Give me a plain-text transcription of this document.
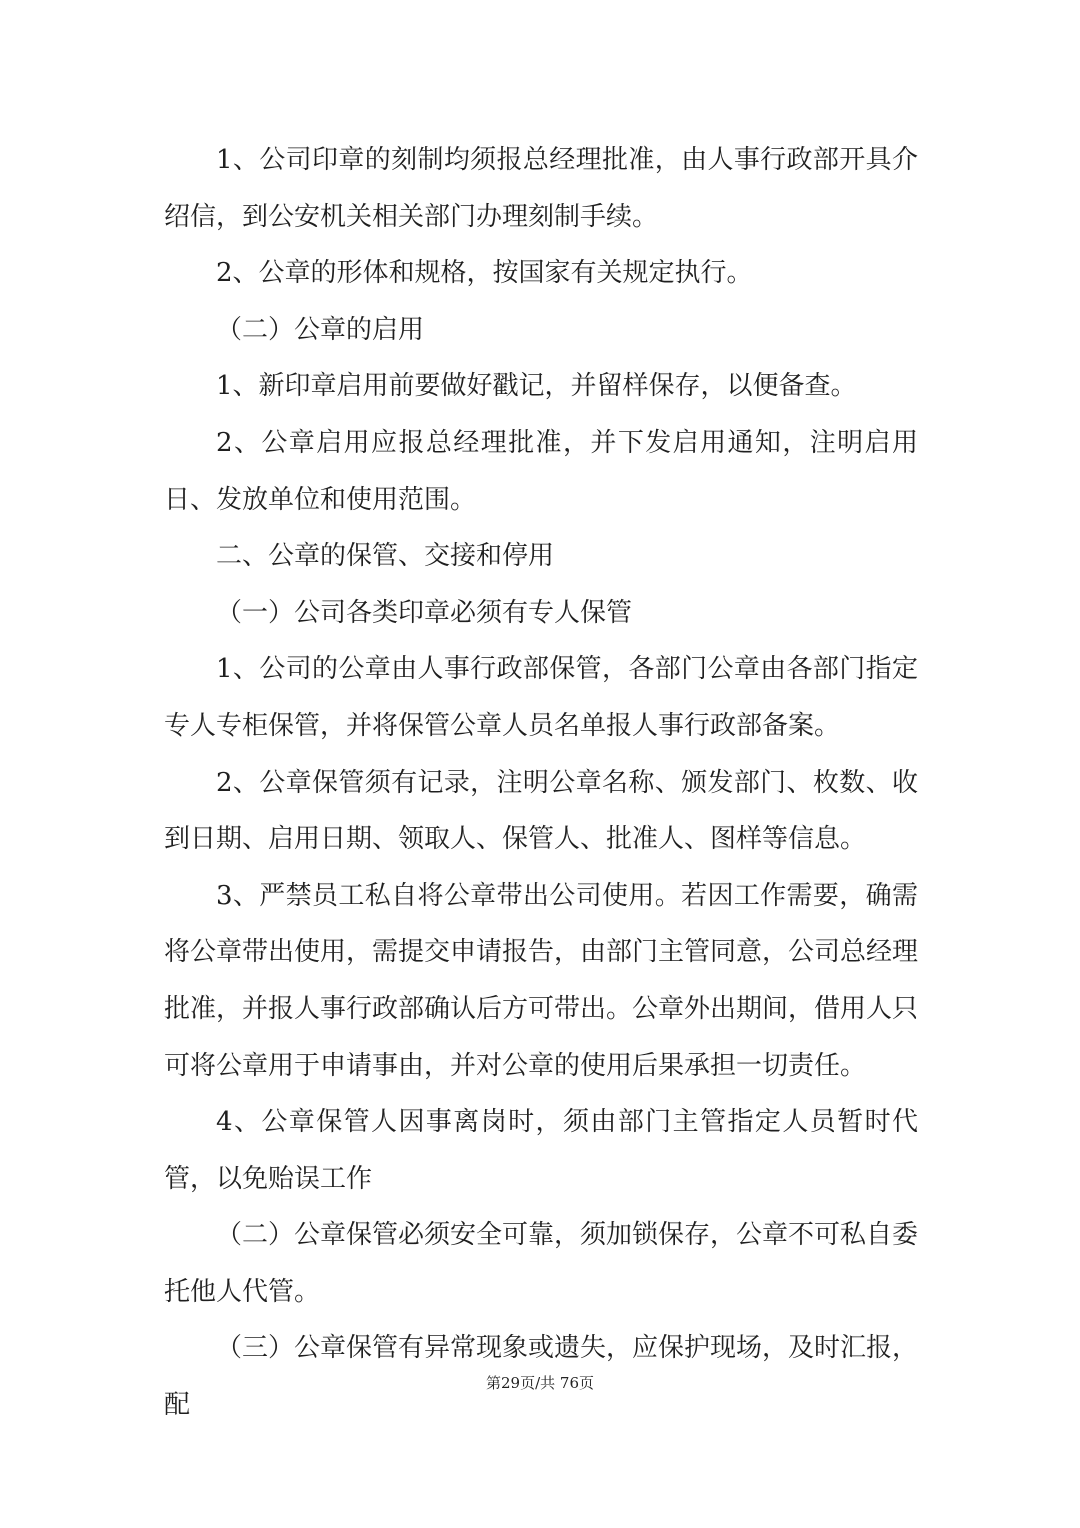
1、公司印章的刻制均须报总经理批准，由人事行政部开具介绍信，到公安机关相关部门办理刻制手续。

2、公章的形体和规格，按国家有关规定执行。

（二）公章的启用

1、新印章启用前要做好戳记，并留样保存，以便备查。

2、公章启用应报总经理批准，并下发启用通知，注明启用日、发放单位和使用范围。

二、公章的保管、交接和停用

（一）公司各类印章必须有专人保管

1、公司的公章由人事行政部保管，各部门公章由各部门指定专人专柜保管，并将保管公章人员名单报人事行政部备案。

2、公章保管须有记录，注明公章名称、颁发部门、枚数、收到日期、启用日期、领取人、保管人、批准人、图样等信息。

3、严禁员工私自将公章带出公司使用。若因工作需要，确需将公章带出使用，需提交申请报告，由部门主管同意，公司总经理批准，并报人事行政部确认后方可带出。公章外出期间，借用人只可将公章用于申请事由，并对公章的使用后果承担一切责任。

4、公章保管人因事离岗时，须由部门主管指定人员暂时代管，以免贻误工作

（二）公章保管必须安全可靠，须加锁保存，公章不可私自委托他人代管。

（三）公章保管有异常现象或遗失，应保护现场，及时汇报，配

第29页/共 76页
